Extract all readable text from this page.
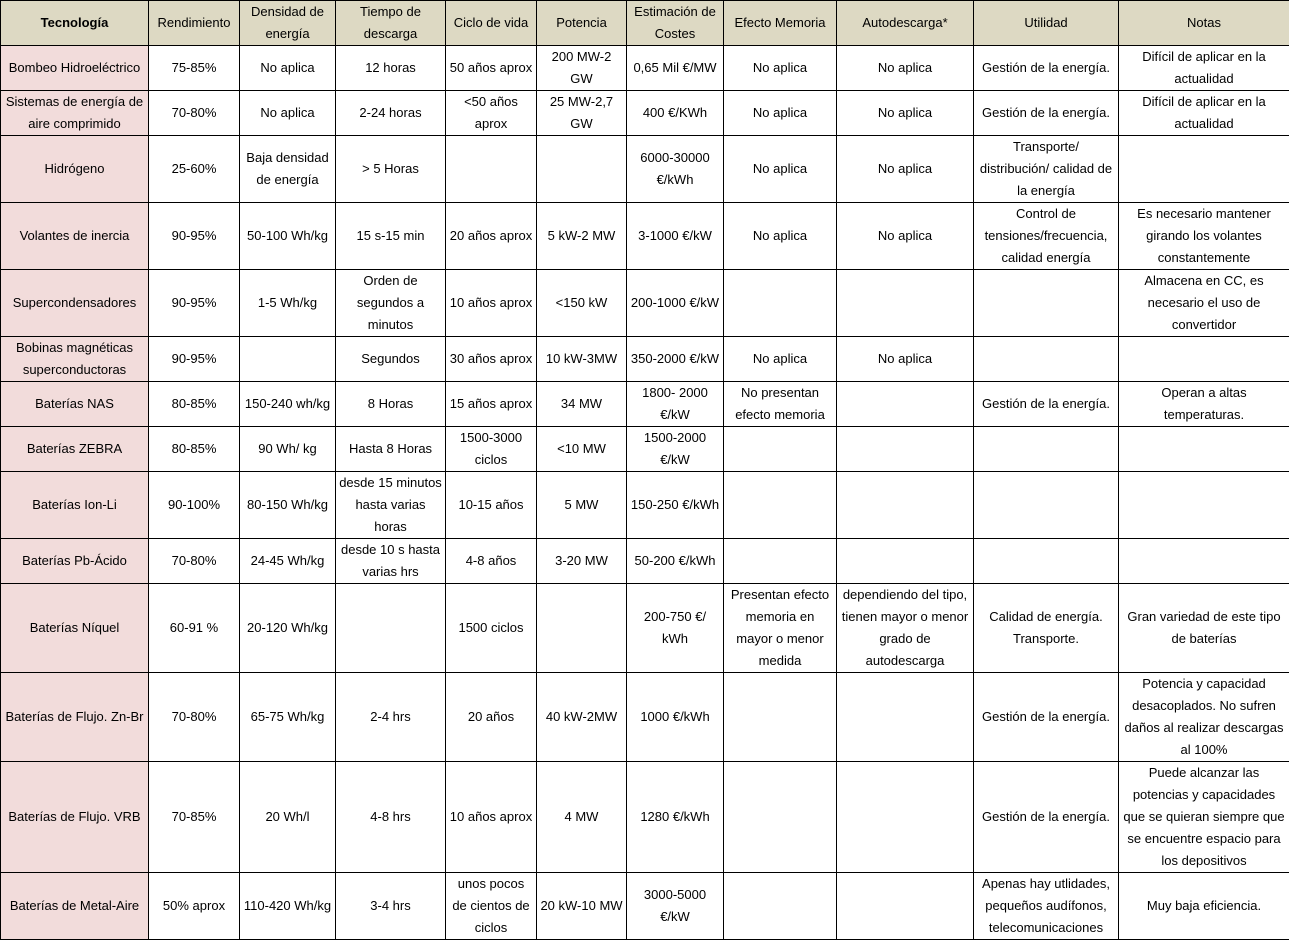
Tecnología	Rendimiento	Densidad de energía	Tiempo de descarga	Ciclo de vida	Potencia	Estimación de Costes	Efecto Memoria	Autodescarga*	Utilidad	Notas
Bombeo Hidroeléctrico	75-85%	No aplica	12 horas	50 años aprox	200 MW-2 GW	0,65 Mil €/MW	No aplica	No aplica	Gestión de la energía.	Difícil de aplicar en la actualidad
Sistemas de energía de aire comprimido	70-80%	No aplica	2-24 horas	<50 años aprox	25 MW-2,7 GW	400 €/KWh	No aplica	No aplica	Gestión de la energía.	Difícil de aplicar en la actualidad
Hidrógeno	25-60%	Baja densidad de energía	> 5 Horas			6000-30000 €/kWh	No aplica	No aplica	Transporte/ distribución/ calidad de la energía	
Volantes de inercia	90-95%	50-100 Wh/kg	15 s-15 min	20 años aprox	5 kW-2 MW	3-1000 €/kW	No aplica	No aplica	Control de tensiones/frecuencia, calidad energía	Es necesario mantener girando los volantes constantemente
Supercondensadores	90-95%	1-5 Wh/kg	Orden de segundos a minutos	10 años aprox	<150 kW	200-1000 €/kW				Almacena en CC, es necesario el uso de convertidor
Bobinas magnéticas superconductoras	90-95%		Segundos	30 años aprox	10 kW-3MW	350-2000 €/kW	No aplica	No aplica		
Baterías NAS	80-85%	150-240 wh/kg	8 Horas	15 años aprox	34 MW	1800- 2000 €/kW	No presentan efecto memoria		Gestión de la energía.	Operan a altas temperaturas.
Baterías ZEBRA	80-85%	90 Wh/ kg	Hasta 8 Horas	1500-3000 ciclos	<10 MW	1500-2000 €/kW				
Baterías Ion-Li	90-100%	80-150 Wh/kg	desde 15 minutos hasta varias horas	10-15 años	5 MW	150-250 €/kWh				
Baterías Pb-Ácido	70-80%	24-45 Wh/kg	desde 10 s hasta varias hrs	4-8 años	3-20 MW	50-200 €/kWh				
Baterías Níquel	60-91 %	20-120 Wh/kg		1500 ciclos		200-750 €/ kWh	Presentan efecto memoria en mayor o menor medida	dependiendo del tipo, tienen mayor o menor grado de autodescarga	Calidad de energía. Transporte.	Gran variedad de este tipo de baterías
Baterías de Flujo. Zn-Br	70-80%	65-75 Wh/kg	2-4 hrs	20 años	40 kW-2MW	1000 €/kWh			Gestión de la energía.	Potencia y capacidad desacoplados. No sufren daños al realizar descargas al 100%
Baterías de Flujo. VRB	70-85%	20 Wh/l	4-8 hrs	10 años aprox	4 MW	1280 €/kWh			Gestión de la energía.	Puede alcanzar las potencias y capacidades que se quieran siempre que se encuentre espacio para los depositivos
Baterías de Metal-Aire	50% aprox	110-420 Wh/kg	3-4 hrs	unos pocos de cientos de ciclos	20 kW-10 MW	3000-5000 €/kW			Apenas hay utlidades, pequeños audífonos, telecomunicaciones	Muy baja eficiencia.
